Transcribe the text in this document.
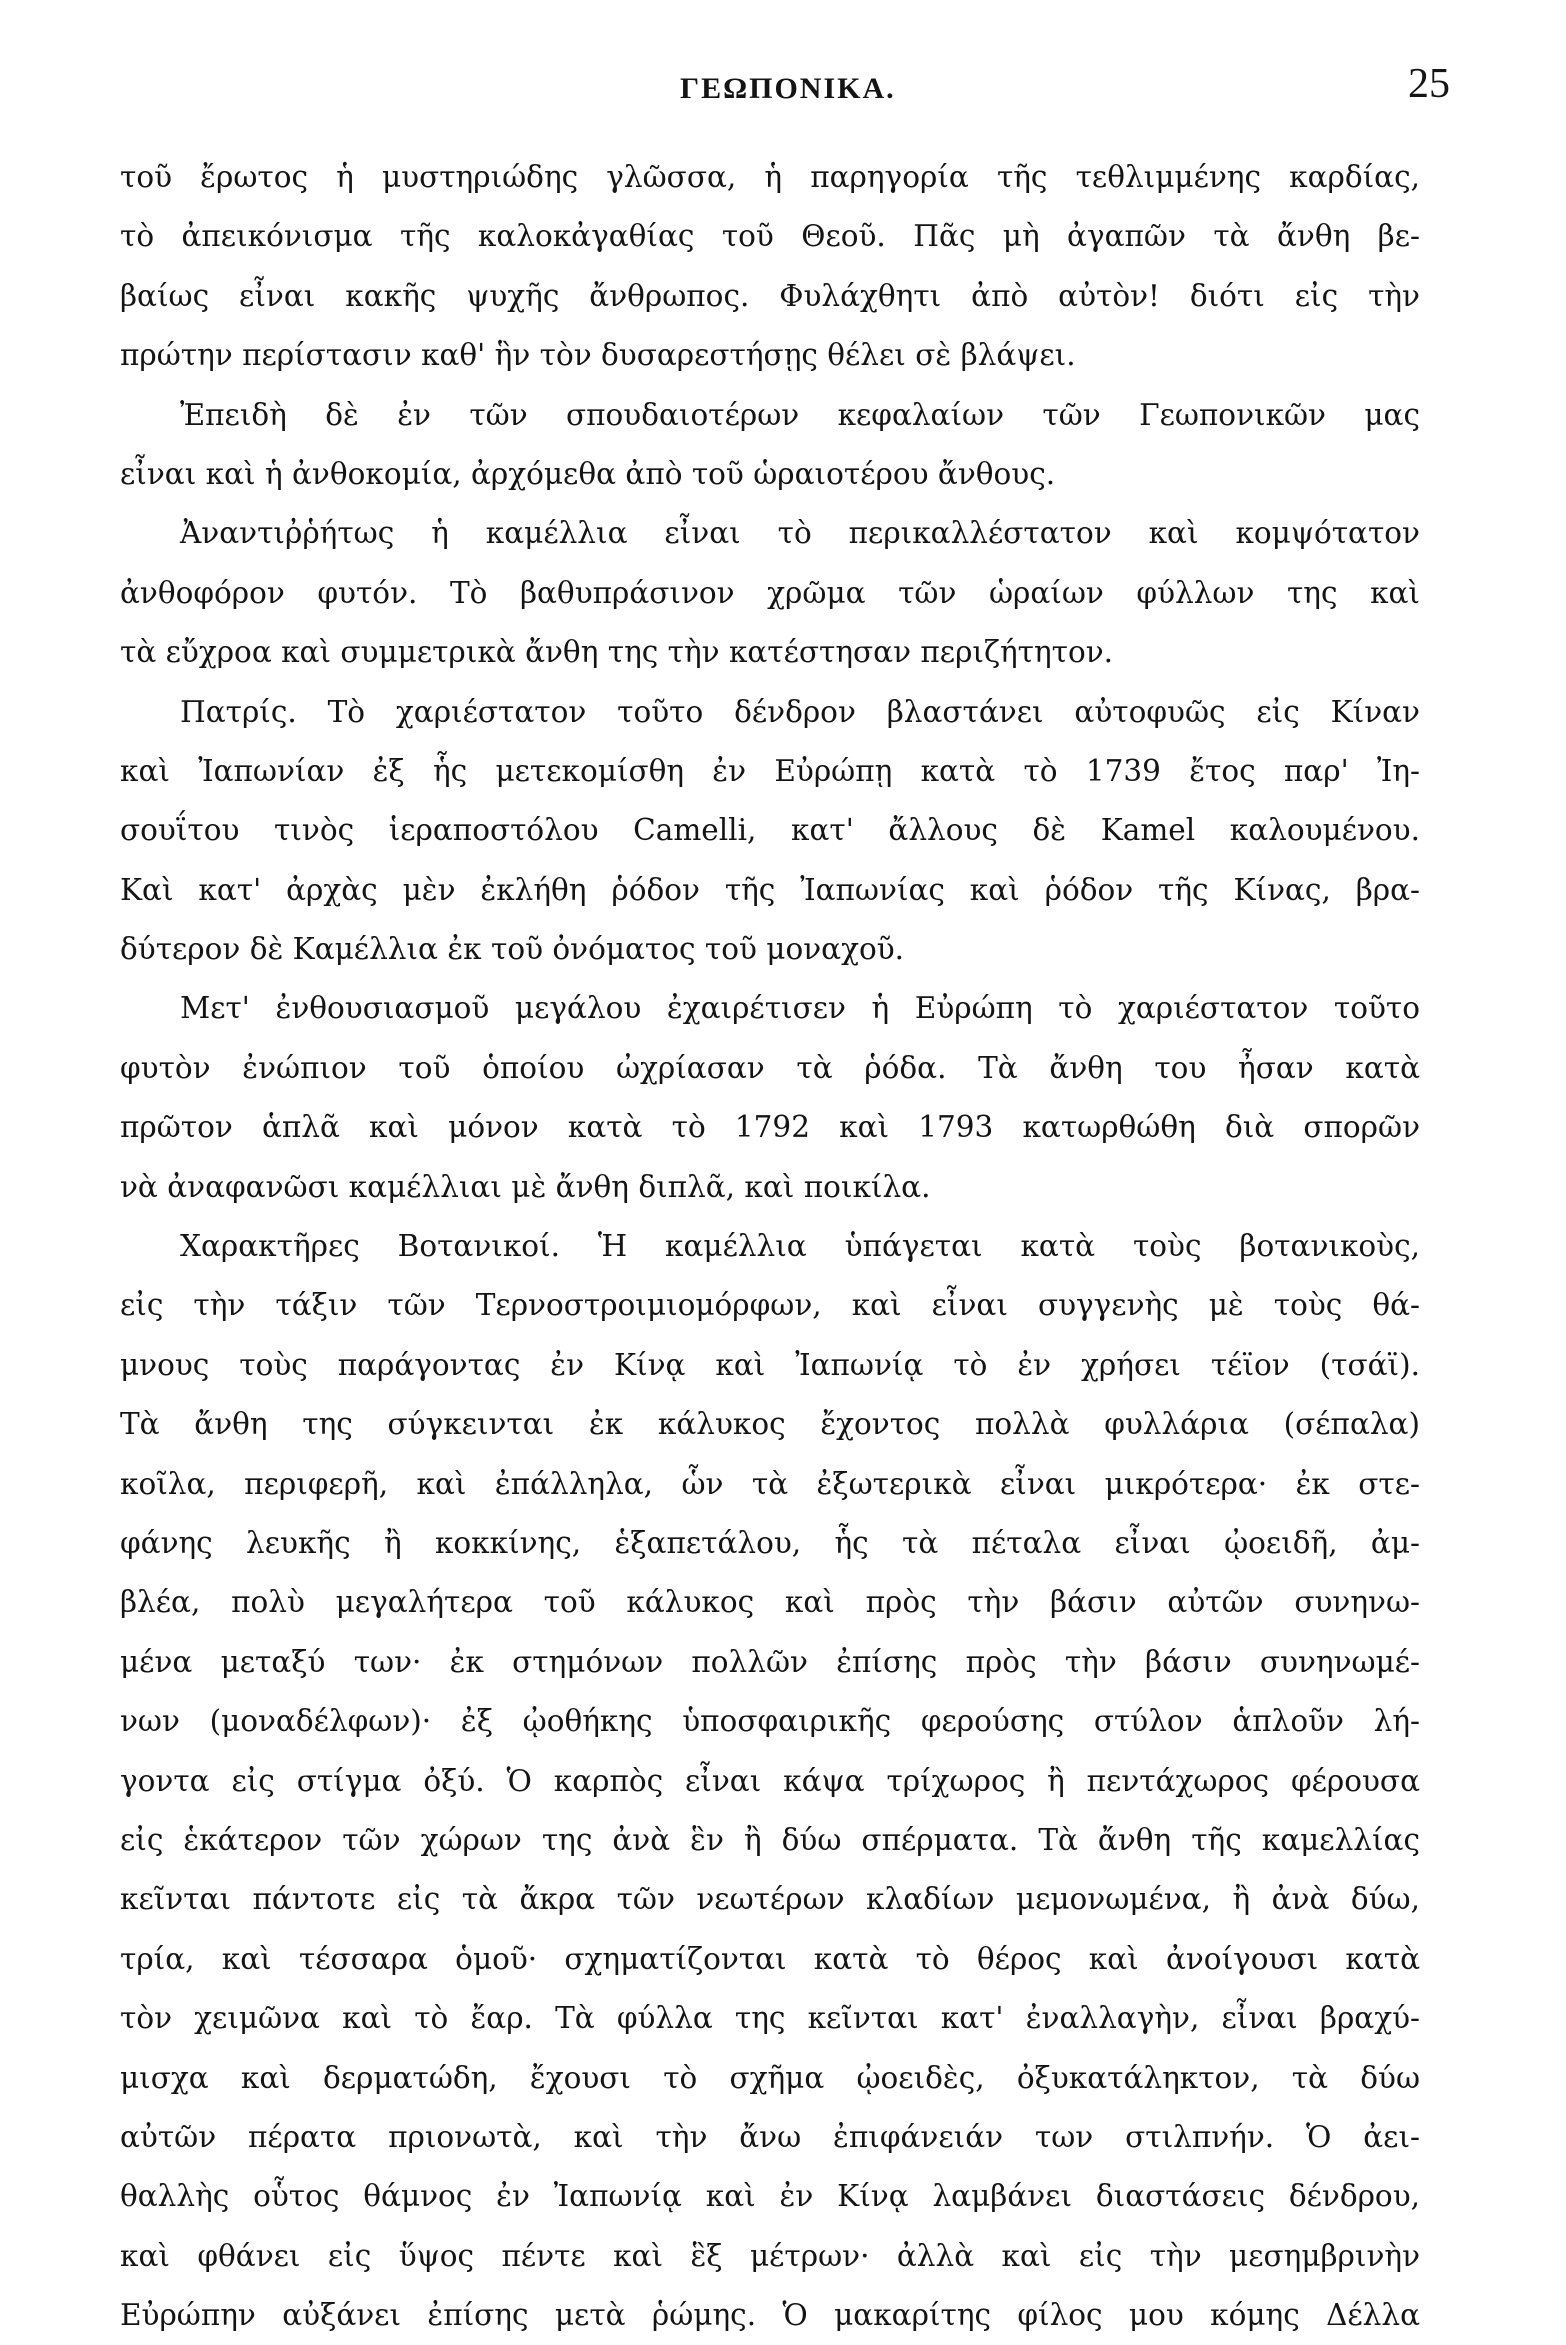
ΓΕΩΠΟΝΙΚΑ.	25
τοῦ ἔρωτος ἡ μυστηριώδης γλῶσσα, ἡ παρηγορία τῆς τεθλιμμένης καρδίας,
τὸ ἀπεικόνισμα τῆς καλοκἀγαθίας τοῦ Θεοῦ. Πᾶς μὴ ἀγαπῶν τὰ ἄνθη βε-
βαίως εἶναι κακῆς ψυχῆς ἄνθρωπος. Φυλάχθητι ἀπὸ αὐτὸν! διότι εἰς τὴν
πρώτην περίστασιν καθ' ἣν τὸν δυσαρεστήσῃς θέλει σὲ βλάψει.
Ἐπειδὴ δὲ ἐν τῶν σπουδαιοτέρων κεφαλαίων τῶν Γεωπονικῶν μας
εἶναι καὶ ἡ ἀνθοκομία, ἀρχόμεθα ἀπὸ τοῦ ὡραιοτέρου ἄνθους.
Ἀναντιῤῥήτως ἡ καμέλλια εἶναι τὸ περικαλλέστατον καὶ κομψότατον
ἀνθοφόρον φυτόν. Τὸ βαθυπράσινον χρῶμα τῶν ὡραίων φύλλων της καὶ
τὰ εὔχροα καὶ συμμετρικὰ ἄνθη της τὴν κατέστησαν περιζήτητον.
Πατρίς. Τὸ χαριέστατον τοῦτο δένδρον βλαστάνει αὐτοφυῶς εἰς Κίναν
καὶ Ἰαπωνίαν ἐξ ἧς μετεκομίσθη ἐν Εὐρώπῃ κατὰ τὸ 1739 ἔτος παρ' Ἰη-
σουΐτου τινὸς ἱεραποστόλου Camelli, κατ' ἄλλους δὲ Kamel καλουμένου.
Καὶ κατ' ἀρχὰς μὲν ἐκλήθη ῥόδον τῆς Ἰαπωνίας καὶ ῥόδον τῆς Κίνας, βρα-
δύτερον δὲ Καμέλλια ἐκ τοῦ ὀνόματος τοῦ μοναχοῦ.
Μετ' ἐνθουσιασμοῦ μεγάλου ἐχαιρέτισεν ἡ Εὐρώπη τὸ χαριέστατον τοῦτο
φυτὸν ἐνώπιον τοῦ ὁποίου ὠχρίασαν τὰ ῥόδα. Τὰ ἄνθη του ἦσαν κατὰ
πρῶτον ἁπλᾶ καὶ μόνον κατὰ τὸ 1792 καὶ 1793 κατωρθώθη διὰ σπορῶν
νὰ ἀναφανῶσι καμέλλιαι μὲ ἄνθη διπλᾶ, καὶ ποικίλα.
Χαρακτῆρες Βοτανικοί. Ἡ καμέλλια ὑπάγεται κατὰ τοὺς βοτανικοὺς,
εἰς τὴν τάξιν τῶν Τερνοστροιμιομόρφων, καὶ εἶναι συγγενὴς μὲ τοὺς θά-
μνους τοὺς παράγοντας ἐν Κίνᾳ καὶ Ἰαπωνίᾳ τὸ ἐν χρήσει τέϊον (τσάϊ).
Τὰ ἄνθη της σύγκεινται ἐκ κάλυκος ἔχοντος πολλὰ φυλλάρια (σέπαλα)
κοῖλα, περιφερῆ, καὶ ἐπάλληλα, ὧν τὰ ἐξωτερικὰ εἶναι μικρότερα· ἐκ στε-
φάνης λευκῆς ἢ κοκκίνης, ἑξαπετάλου, ἧς τὰ πέταλα εἶναι ᾠοειδῆ, ἀμ-
βλέα, πολὺ μεγαλήτερα τοῦ κάλυκος καὶ πρὸς τὴν βάσιν αὐτῶν συνηνω-
μένα μεταξύ των· ἐκ στημόνων πολλῶν ἐπίσης πρὸς τὴν βάσιν συνηνωμέ-
νων (μοναδέλφων)· ἐξ ᾠοθήκης ὑποσφαιρικῆς φερούσης στύλον ἁπλοῦν λή-
γοντα εἰς στίγμα ὀξύ. Ὁ καρπὸς εἶναι κάψα τρίχωρος ἢ πεντάχωρος φέρουσα
εἰς ἑκάτερον τῶν χώρων της ἀνὰ ἓν ἢ δύω σπέρματα. Τὰ ἄνθη τῆς καμελλίας
κεῖνται πάντοτε εἰς τὰ ἄκρα τῶν νεωτέρων κλαδίων μεμονωμένα, ἢ ἀνὰ δύω,
τρία, καὶ τέσσαρα ὁμοῦ· σχηματίζονται κατὰ τὸ θέρος καὶ ἀνοίγουσι κατὰ
τὸν χειμῶνα καὶ τὸ ἔαρ. Τὰ φύλλα της κεῖνται κατ' ἐναλλαγὴν, εἶναι βραχύ-
μισχα καὶ δερματώδη, ἔχουσι τὸ σχῆμα ᾠοειδὲς, ὀξυκατάληκτον, τὰ δύω
αὐτῶν πέρατα πριονωτὰ, καὶ τὴν ἄνω ἐπιφάνειάν των στιλπνήν. Ὁ ἀει-
θαλλὴς οὗτος θάμνος ἐν Ἰαπωνίᾳ καὶ ἐν Κίνᾳ λαμβάνει διαστάσεις δένδρου,
καὶ φθάνει εἰς ὕψος πέντε καὶ ἓξ μέτρων· ἀλλὰ καὶ εἰς τὴν μεσημβρινὴν
Εὐρώπην αὐξάνει ἐπίσης μετὰ ῥώμης. Ὁ μακαρίτης φίλος μου κόμης Δέλλα
